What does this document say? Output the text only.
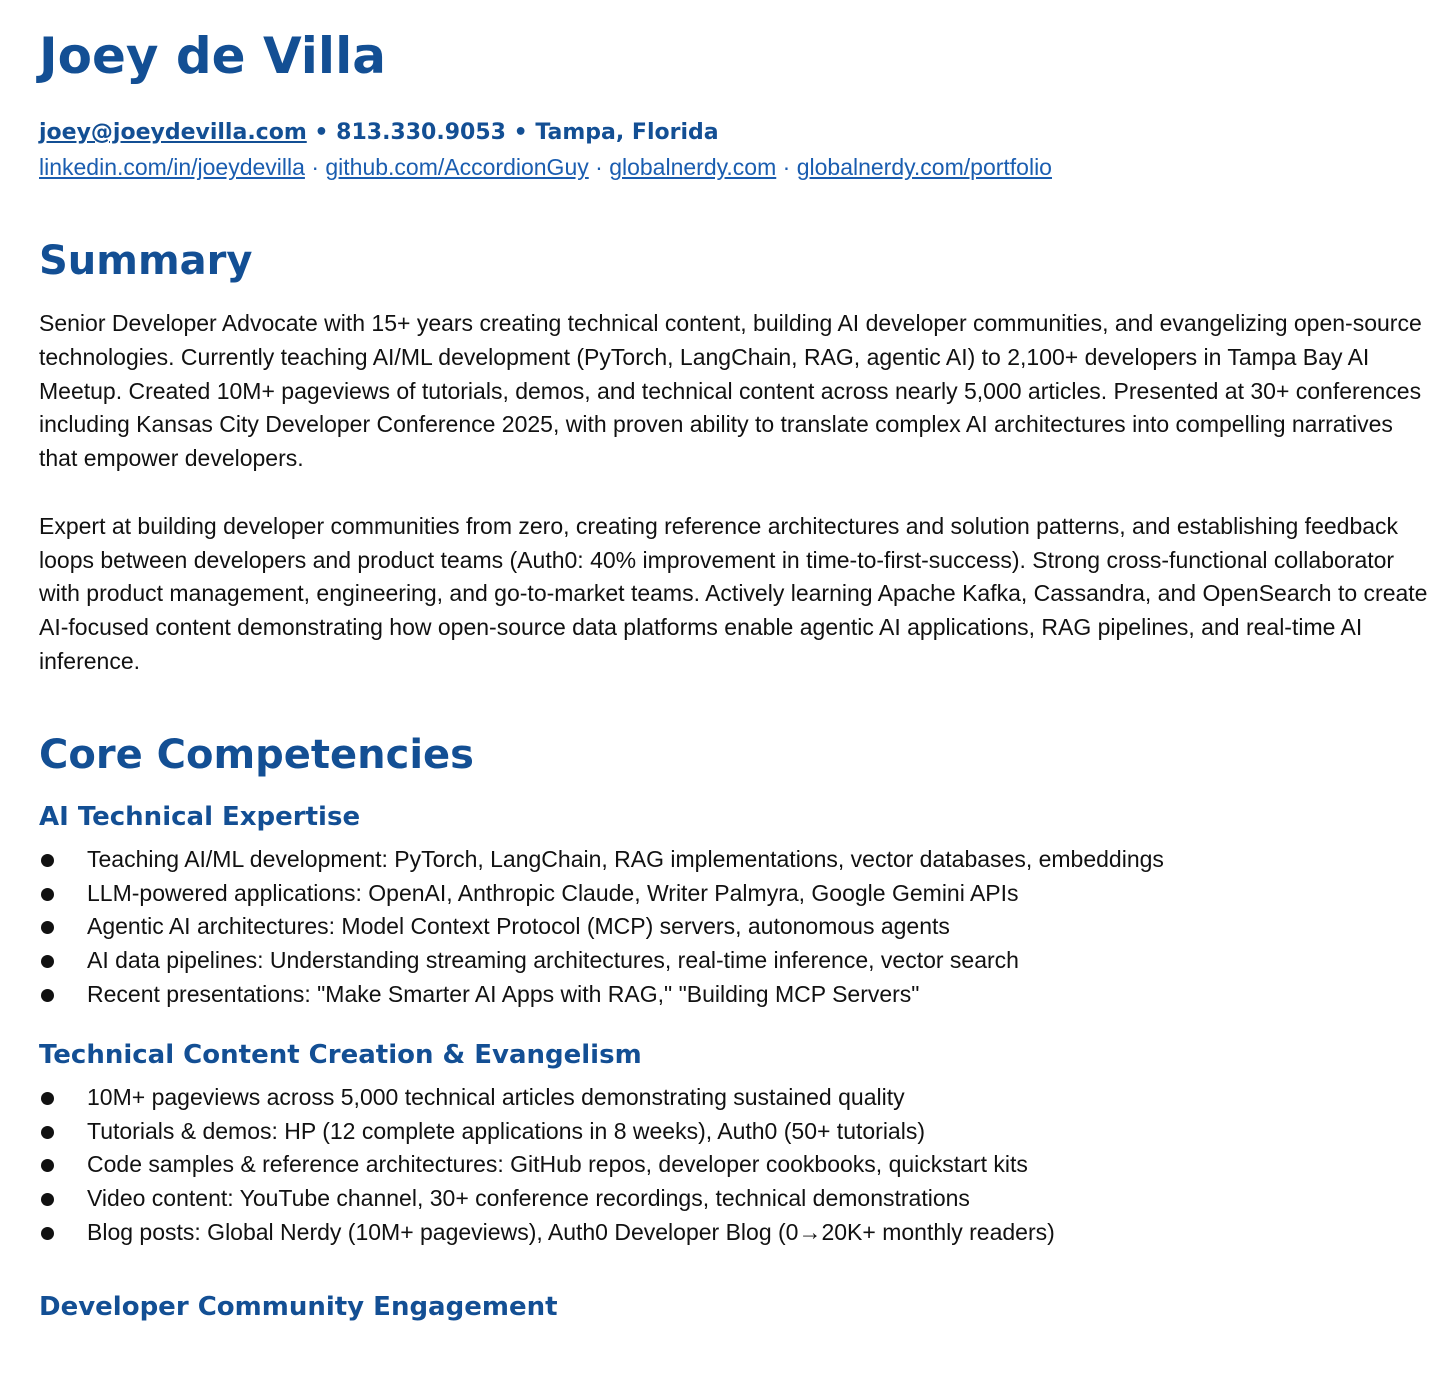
Joey de Villa
joey@joeydevilla.com • 813.330.9053 • Tampa, Florida
linkedin.com/in/joeydevilla · github.com/AccordionGuy · globalnerdy.com · globalnerdy.com/portfolio
Summary

Senior Developer Advocate with 15+ years creating technical content, building AI developer communities, and evangelizing open-source technologies. Currently teaching AI/ML development (PyTorch, LangChain, RAG, agentic AI) to 2,100+ developers in Tampa Bay AI Meetup. Created 10M+ pageviews of tutorials, demos, and technical content across nearly 5,000 articles. Presented at 30+ conferences including Kansas City Developer Conference 2025, with proven ability to translate complex AI architectures into compelling narratives that empower developers.

Expert at building developer communities from zero, creating reference architectures and solution patterns, and establishing feedback loops between developers and product teams (Auth0: 40% improvement in time-to-first-success). Strong cross-functional collaborator with product management, engineering, and go-to-market teams. Actively learning Apache Kafka, Cassandra, and OpenSearch to create AI-focused content demonstrating how open-source data platforms enable agentic AI applications, RAG pipelines, and real-time AI inference.

Core Competencies
AI Technical Expertise
Teaching AI/ML development: PyTorch, LangChain, RAG implementations, vector databases, embeddings
LLM-powered applications: OpenAI, Anthropic Claude, Writer Palmyra, Google Gemini APIs
Agentic AI architectures: Model Context Protocol (MCP) servers, autonomous agents
AI data pipelines: Understanding streaming architectures, real-time inference, vector search
Recent presentations: "Make Smarter AI Apps with RAG," "Building MCP Servers"
Technical Content Creation & Evangelism
10M+ pageviews across 5,000 technical articles demonstrating sustained quality
Tutorials & demos: HP (12 complete applications in 8 weeks), Auth0 (50+ tutorials)
Code samples & reference architectures: GitHub repos, developer cookbooks, quickstart kits
Video content: YouTube channel, 30+ conference recordings, technical demonstrations
Blog posts: Global Nerdy (10M+ pageviews), Auth0 Developer Blog (0→20K+ monthly readers)
Developer Community Engagement
